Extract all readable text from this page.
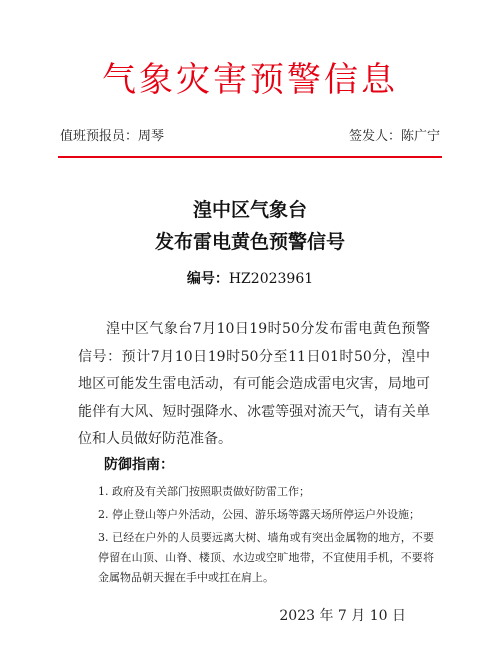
气象灾害预警信息
值班预报员：周琴	签发人：陈广宁
湟中区气象台
发布雷电黄色预警信号
编号：HZ2023961
湟中区气象台7月10日19时50分发布雷电黄色预警信号：预计7月10日19时50分至11日01时50分，湟中地区可能发生雷电活动，有可能会造成雷电灾害，局地可能伴有大风、短时强降水、冰雹等强对流天气，请有关单位和人员做好防范准备。
防御指南：
1. 政府及有关部门按照职责做好防雷工作；
2. 停止登山等户外活动，公园、游乐场等露天场所停运户外设施；
3. 已经在户外的人员要远离大树、墙角或有突出金属物的地方，不要停留在山顶、山脊、楼顶、水边或空旷地带，不宜使用手机，不要将金属物品朝天握在手中或扛在肩上。
2023 年 7 月 10 日
